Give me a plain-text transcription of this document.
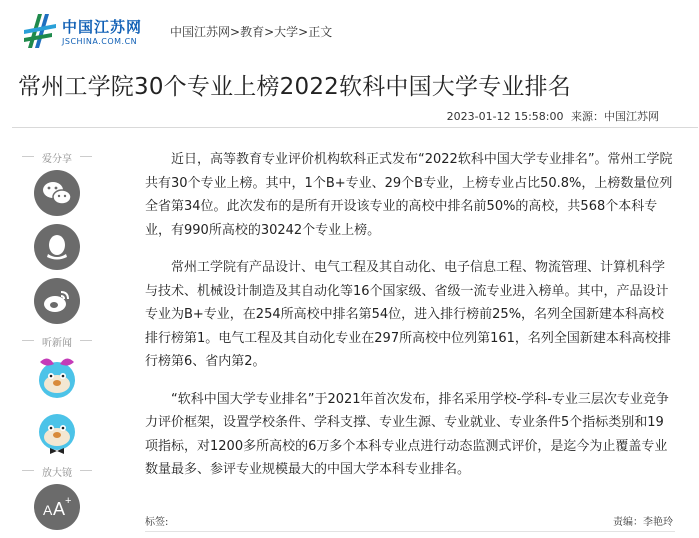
中国江苏网
JSCHINA.COM.CN
中国江苏网>教育>大学>正文
常州工学院30个专业上榜2022软科中国大学专业排名
2023-01-12 15:58:00 来源：中国江苏网
爱分享
听新闻
放大镜
A A +

近日，高等教育专业评价机构软科正式发布“2022软科中国大学专业排名”。常州工学院共有30个专业上榜。其中，1个B+专业、29个B专业，上榜专业占比50.8%，上榜数量位列全省第34位。此次发布的是所有开设该专业的高校中排名前50%的高校，共568个本科专业，有990所高校的30242个专业上榜。

常州工学院有产品设计、电气工程及其自动化、电子信息工程、物流管理、计算机科学与技术、机械设计制造及其自动化等16个国家级、省级一流专业进入榜单。其中，产品设计专业为B+专业，在254所高校中排名第54位，进入排行榜前25%，名列全国新建本科高校排行榜第1。电气工程及其自动化专业在297所高校中位列第161，名列全国新建本科高校排行榜第6、省内第2。

“软科中国大学专业排名”于2021年首次发布，排名采用学校-学科-专业三层次专业竞争力评价框架，设置学校条件、学科支撑、专业生源、专业就业、专业条件5个指标类别和19项指标，对1200多所高校的6万多个本科专业点进行动态监测式评价，是迄今为止覆盖专业数量最多、参评专业规模最大的中国大学本科专业排名。

标签:	责编：李艳玲
